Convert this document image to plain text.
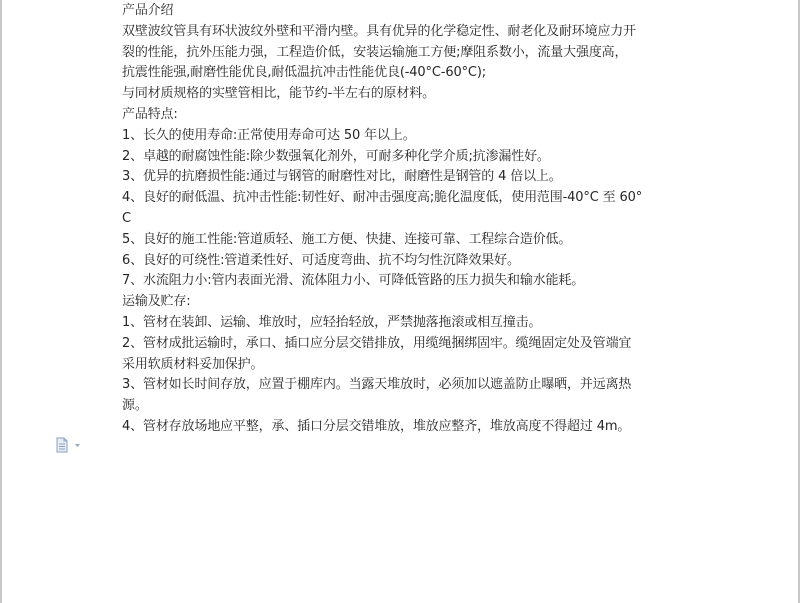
产品介绍
双壁波纹管具有环状波纹外壁和平滑内壁。具有优异的化学稳定性、耐老化及耐环境应力开
裂的性能，抗外压能力强，工程造价低，安装运输施工方便;摩阻系数小，流量大强度高，
抗震性能强,耐磨性能优良,耐低温抗冲击性能优良(-40°C-60°C);
与同材质规格的实壁管相比，能节约-半左右的原材料。
产品特点:
1、长久的使用寿命:正常使用寿命可达 50 年以上。
2、卓越的耐腐蚀性能:除少数强氧化剂外，可耐多种化学介质;抗渗漏性好。
3、优异的抗磨损性能:通过与钢管的耐磨性对比，耐磨性是钢管的 4 倍以上。
4、良好的耐低温、抗冲击性能:韧性好、耐冲击强度高;脆化温度低，使用范围-40°C 至 60°
C
5、良好的施工性能:管道质轻、施工方便、快捷、连接可靠、工程综合造价低。
6、良好的可绕性:管道柔性好、可适度弯曲、抗不均匀性沉降效果好。
7、水流阻力小:管内表面光滑、流体阻力小、可降低管路的压力损失和输水能耗。
运输及贮存:
1、管材在装卸、运输、堆放时，应轻抬轻放，严禁抛落拖滚或相互撞击。
2、管材成批运输时，承口、插口应分层交错排放，用缆绳捆绑固牢。缆绳固定处及管端宜
采用软质材料妥加保护。
3、管材如长时间存放，应置于棚库内。当露天堆放时，必须加以遮盖防止曝晒，并远离热
源。
4、管材存放场地应平整，承、插口分层交错堆放，堆放应整齐，堆放高度不得超过 4m。
